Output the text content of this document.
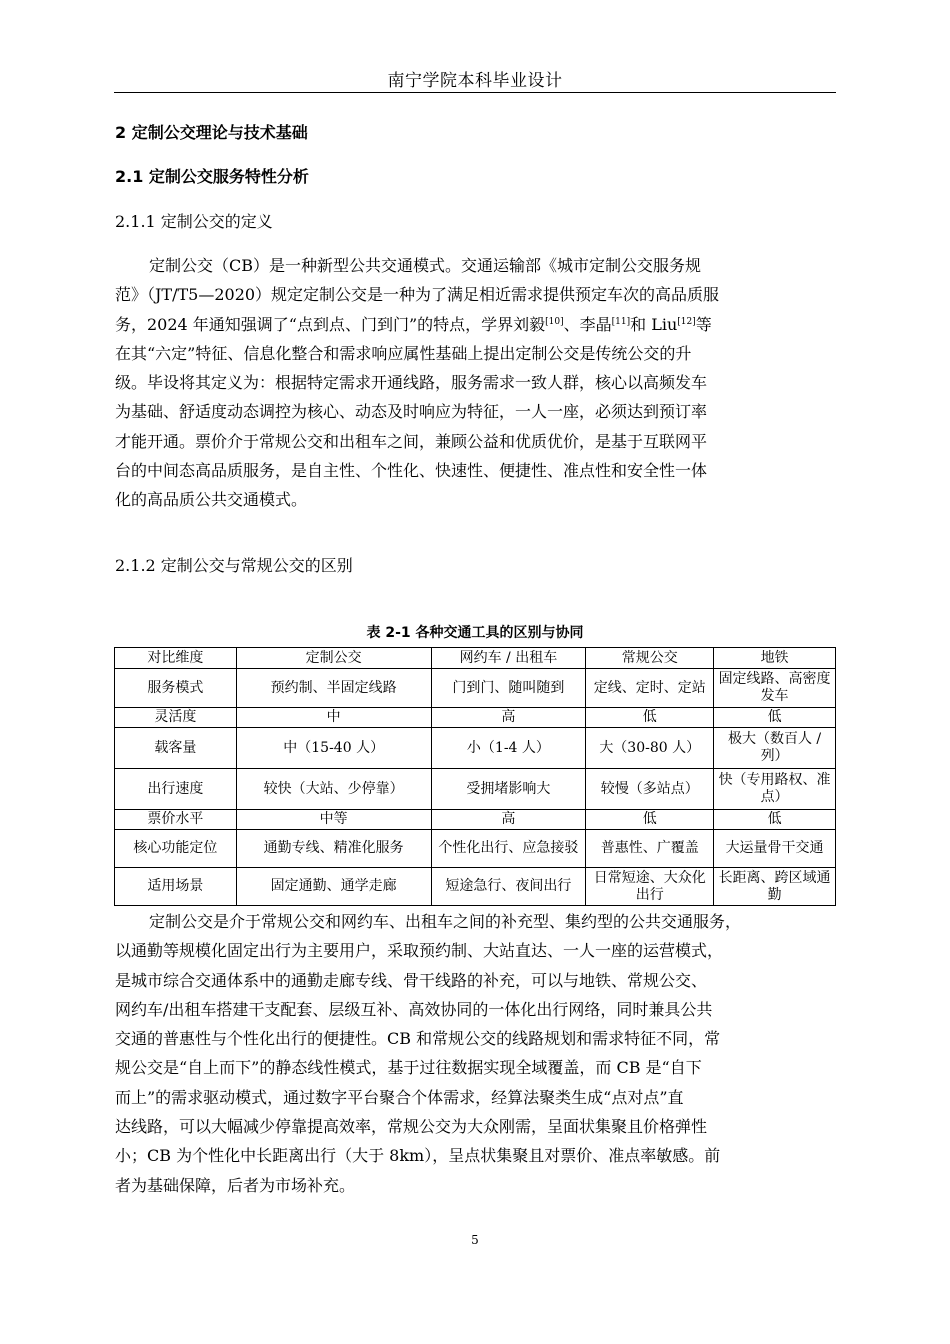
南宁学院本科毕业设计
2 定制公交理论与技术基础
2.1 定制公交服务特性分析
2.1.1 定制公交的定义
定制公交（CB）是一种新型公共交通模式。交通运输部《城市定制公交服务规
范》（JT/T5—2020）规定定制公交是一种为了满足相近需求提供预定车次的高品质服
务，2024 年通知强调了“点到点、门到门”的特点，学界刘毅[10]、李晶[11]和 Liu[12]等
在其“六定”特征、信息化整合和需求响应属性基础上提出定制公交是传统公交的升
级。毕设将其定义为：根据特定需求开通线路，服务需求一致人群，核心以高频发车
为基础、舒适度动态调控为核心、动态及时响应为特征，一人一座，必须达到预订率
才能开通。票价介于常规公交和出租车之间，兼顾公益和优质优价，是基于互联网平
台的中间态高品质服务，是自主性、个性化、快速性、便捷性、准点性和安全性一体
化的高品质公共交通模式。
2.1.2 定制公交与常规公交的区别
表 2-1 各种交通工具的区别与协同
对比维度	定制公交	网约车 / 出租车	常规公交	地铁
服务模式	预约制、半固定线路	门到门、随叫随到	定线、定时、定站	固定线路、高密度发车
灵活度	中	高	低	低
载客量	中（15-40 人）	小（1-4 人）	大（30-80 人）	极大（数百人 / 列）
出行速度	较快（大站、少停靠）	受拥堵影响大	较慢（多站点）	快（专用路权、准点）
票价水平	中等	高	低	低
核心功能定位	通勤专线、精准化服务	个性化出行、应急接驳	普惠性、广覆盖	大运量骨干交通
适用场景	固定通勤、通学走廊	短途急行、夜间出行	日常短途、大众化出行	长距离、跨区域通勤
定制公交是介于常规公交和网约车、出租车之间的补充型、集约型的公共交通服务，
以通勤等规模化固定出行为主要用户，采取预约制、大站直达、一人一座的运营模式，
是城市综合交通体系中的通勤走廊专线、骨干线路的补充，可以与地铁、常规公交、
网约车/出租车搭建干支配套、层级互补、高效协同的一体化出行网络，同时兼具公共
交通的普惠性与个性化出行的便捷性。CB 和常规公交的线路规划和需求特征不同，常
规公交是“自上而下”的静态线性模式，基于过往数据实现全域覆盖，而 CB 是“自下
而上”的需求驱动模式，通过数字平台聚合个体需求，经算法聚类生成“点对点”直
达线路，可以大幅减少停靠提高效率，常规公交为大众刚需，呈面状集聚且价格弹性
小；CB 为个性化中长距离出行（大于 8km），呈点状集聚且对票价、准点率敏感。前
者为基础保障，后者为市场补充。
5
